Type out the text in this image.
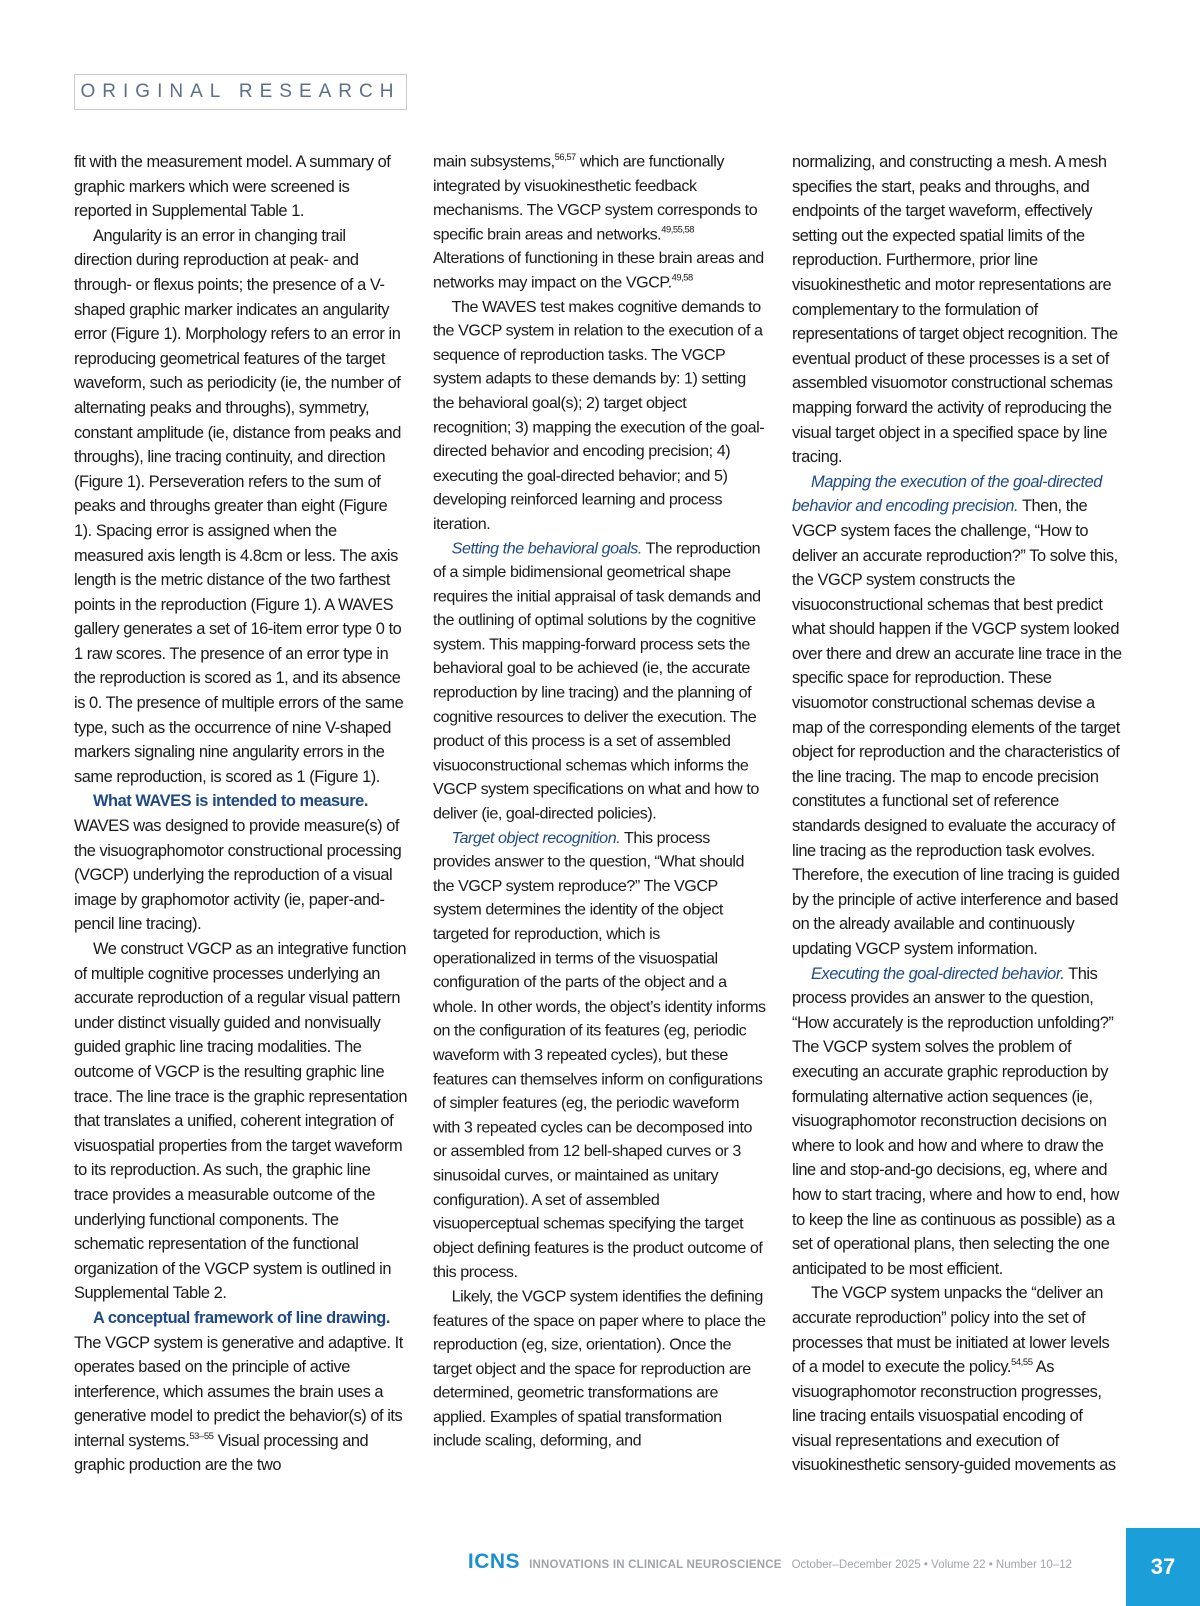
ORIGINAL RESEARCH

fit with the measurement model. A summary of graphic markers which were screened is reported in Supplemental Table 1.

Angularity is an error in changing trail direction during reproduction at peak- and through- or flexus points; the presence of a V-shaped graphic marker indicates an angularity error (Figure 1). Morphology refers to an error in reproducing geometrical features of the target waveform, such as periodicity (ie, the number of alternating peaks and throughs), symmetry, constant amplitude (ie, distance from peaks and throughs), line tracing continuity, and direction (Figure 1). Perseveration refers to the sum of peaks and throughs greater than eight (Figure 1). Spacing error is assigned when the measured axis length is 4.8cm or less. The axis length is the metric distance of the two farthest points in the reproduction (Figure 1). A WAVES gallery generates a set of 16-item error type 0 to 1 raw scores. The presence of an error type in the reproduction is scored as 1, and its absence is 0. The presence of multiple errors of the same type, such as the occurrence of nine V-shaped markers signaling nine angularity errors in the same reproduction, is scored as 1 (Figure 1).

What WAVES is intended to measure.

WAVES was designed to provide measure(s) of the visuographomotor constructional processing (VGCP) underlying the reproduction of a visual image by graphomotor activity (ie, paper-and-pencil line tracing).

We construct VGCP as an integrative function of multiple cognitive processes underlying an accurate reproduction of a regular visual pattern under distinct visually guided and nonvisually guided graphic line tracing modalities. The outcome of VGCP is the resulting graphic line trace. The line trace is the graphic representation that translates a unified, coherent integration of visuospatial properties from the target waveform to its reproduction. As such, the graphic line trace provides a measurable outcome of the underlying functional components. The schematic representation of the functional organization of the VGCP system is outlined in Supplemental Table 2.

A conceptual framework of line drawing. The VGCP system is generative and adaptive. It operates based on the principle of active interference, which assumes the brain uses a generative model to predict the behavior(s) of its internal systems.$^{53-55}$ Visual processing and graphic production are the two

main subsystems,$^{56,57}$ which are functionally integrated by visuokinesthetic feedback mechanisms. The VGCP system corresponds to specific brain areas and networks.$^{49,55,58}$ Alterations of functioning in these brain areas and networks may impact on the VGCP.$^{49,58}$

The WAVES test makes cognitive demands to the VGCP system in relation to the execution of a sequence of reproduction tasks. The VGCP system adapts to these demands by: 1) setting the behavioral goal(s); 2) target object recognition; 3) mapping the execution of the goal-directed behavior and encoding precision; 4) executing the goal-directed behavior; and 5) developing reinforced learning and process iteration.

Setting the behavioral goals. The reproduction of a simple bidimensional geometrical shape requires the initial appraisal of task demands and the outlining of optimal solutions by the cognitive system. This mapping-forward process sets the behavioral goal to be achieved (ie, the accurate reproduction by line tracing) and the planning of cognitive resources to deliver the execution. The product of this process is a set of assembled visuoconstructional schemas which informs the VGCP system specifications on what and how to deliver (ie, goal-directed policies).

Target object recognition. This process provides answer to the question, “What should the VGCP system reproduce?” The VGCP system determines the identity of the object targeted for reproduction, which is operationalized in terms of the visuospatial configuration of the parts of the object and a whole. In other words, the object’s identity informs on the configuration of its features (eg, periodic waveform with 3 repeated cycles), but these features can themselves inform on configurations of simpler features (eg, the periodic waveform with 3 repeated cycles can be decomposed into or assembled from 12 bell-shaped curves or 3 sinusoidal curves, or maintained as unitary configuration). A set of assembled visuoperceptual schemas specifying the target object defining features is the product outcome of this process.

Likely, the VGCP system identifies the defining features of the space on paper where to place the reproduction (eg, size, orientation). Once the target object and the space for reproduction are determined, geometric transformations are applied. Examples of spatial transformation include scaling, deforming, and

normalizing, and constructing a mesh. A mesh specifies the start, peaks and throughs, and endpoints of the target waveform, effectively setting out the expected spatial limits of the reproduction. Furthermore, prior line visuokinesthetic and motor representations are complementary to the formulation of representations of target object recognition. The eventual product of these processes is a set of assembled visuomotor constructional schemas mapping forward the activity of reproducing the visual target object in a specified space by line tracing.

Mapping the execution of the goal-directed behavior and encoding precision. Then, the VGCP system faces the challenge, “How to deliver an accurate reproduction?” To solve this, the VGCP system constructs the visuoconstructional schemas that best predict what should happen if the VGCP system looked over there and drew an accurate line trace in the specific space for reproduction. These visuomotor constructional schemas devise a map of the corresponding elements of the target object for reproduction and the characteristics of the line tracing. The map to encode precision constitutes a functional set of reference standards designed to evaluate the accuracy of line tracing as the reproduction task evolves. Therefore, the execution of line tracing is guided by the principle of active interference and based on the already available and continuously updating VGCP system information.

Executing the goal-directed behavior. This process provides an answer to the question, “How accurately is the reproduction unfolding?” The VGCP system solves the problem of executing an accurate graphic reproduction by formulating alternative action sequences (ie, visuographomotor reconstruction decisions on where to look and how and where to draw the line and stop-and-go decisions, eg, where and how to start tracing, where and how to end, how to keep the line as continuous as possible) as a set of operational plans, then selecting the one anticipated to be most efficient.

The VGCP system unpacks the “deliver an accurate reproduction” policy into the set of processes that must be initiated at lower levels of a model to execute the policy.$^{54,55}$ As visuographomotor reconstruction progresses, line tracing entails visuospatial encoding of visual representations and execution of visuokinesthetic sensory-guided movements as

ICNS INNOVATIONS IN CLINICAL NEUROSCIENCE October–December 2025 • Volume 22 • Number 10–12	37
